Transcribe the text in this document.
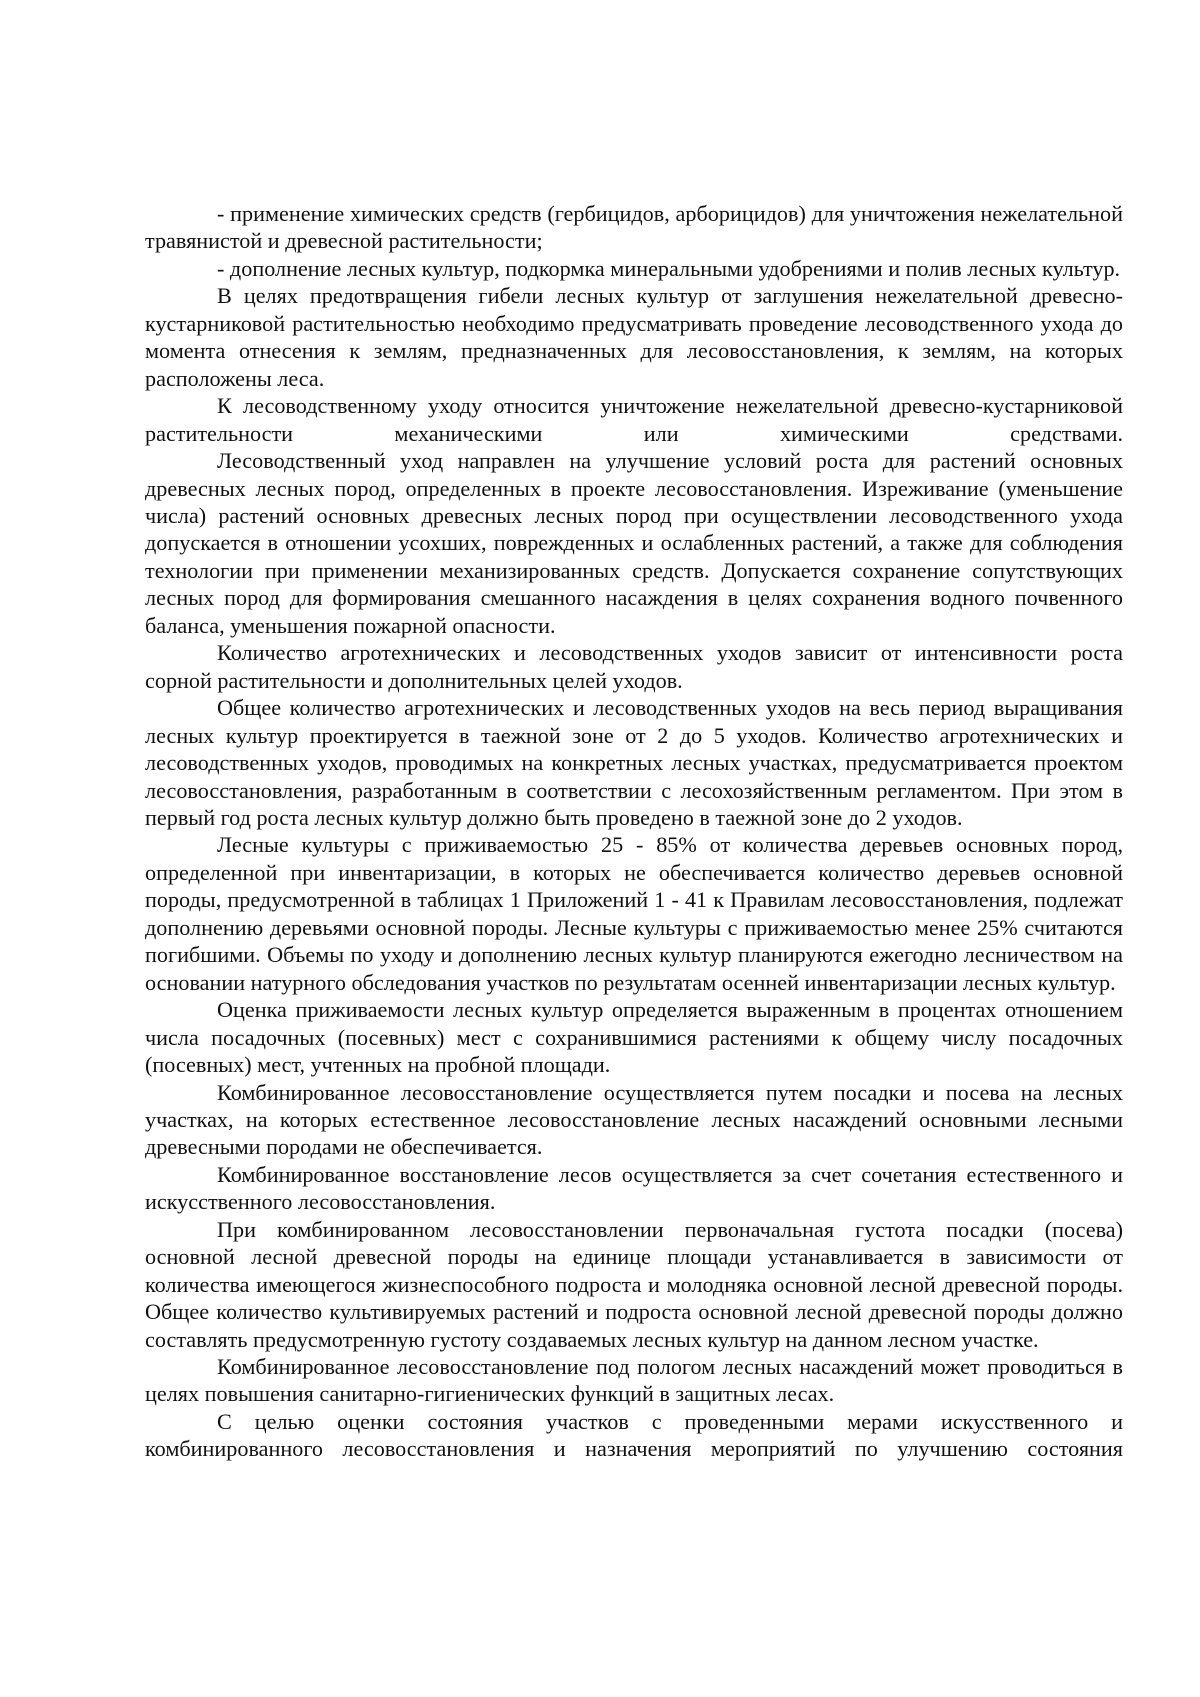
- применение химических средств (гербицидов, арборицидов) для уничтожения нежелательной травянистой и древесной растительности;

- дополнение лесных культур, подкормка минеральными удобрениями и полив лесных культур.

В целях предотвращения гибели лесных культур от заглушения нежелательной древесно-кустарниковой растительностью необходимо предусматривать проведение лесоводственного ухода до момента отнесения к землям, предназначенных для лесовосстановления, к землям, на которых расположены леса.

К лесоводственному уходу относится уничтожение нежелательной древесно-кустарниковой растительности механическими или химическими средствами.

Лесоводственный уход направлен на улучшение условий роста для растений основных древесных лесных пород, определенных в проекте лесовосстановления. Изреживание (уменьшение числа) растений основных древесных лесных пород при осуществлении лесоводственного ухода допускается в отношении усохших, поврежденных и ослабленных растений, а также для соблюдения технологии при применении механизированных средств. Допускается сохранение сопутствующих лесных пород для формирования смешанного насаждения в целях сохранения водного почвенного баланса, уменьшения пожарной опасности.

Количество агротехнических и лесоводственных уходов зависит от интенсивности роста сорной растительности и дополнительных целей уходов.

Общее количество агротехнических и лесоводственных уходов на весь период выращивания лесных культур проектируется в таежной зоне от 2 до 5 уходов. Количество агротехнических и лесоводственных уходов, проводимых на конкретных лесных участках, предусматривается проектом лесовосстановления, разработанным в соответствии с лесохозяйственным регламентом. При этом в первый год роста лесных культур должно быть проведено в таежной зоне до 2 уходов.

Лесные культуры с приживаемостью 25 - 85% от количества деревьев основных пород, определенной при инвентаризации, в которых не обеспечивается количество деревьев основной породы, предусмотренной в таблицах 1 Приложений 1 - 41 к Правилам лесовосстановления, подлежат дополнению деревьями основной породы. Лесные культуры с приживаемостью менее 25% считаются погибшими. Объемы по уходу и дополнению лесных культур планируются ежегодно лесничеством на основании натурного обследования участков по результатам осенней инвентаризации лесных культур.

Оценка приживаемости лесных культур определяется выраженным в процентах отношением числа посадочных (посевных) мест с сохранившимися растениями к общему числу посадочных (посевных) мест, учтенных на пробной площади.

Комбинированное лесовосстановление осуществляется путем посадки и посева на лесных участках, на которых естественное лесовосстановление лесных насаждений основными лесными древесными породами не обеспечивается.

Комбинированное восстановление лесов осуществляется за счет сочетания естественного и искусственного лесовосстановления.

При комбинированном лесовосстановлении первоначальная густота посадки (посева) основной лесной древесной породы на единице площади устанавливается в зависимости от количества имеющегося жизнеспособного подроста и молодняка основной лесной древесной породы. Общее количество культивируемых растений и подроста основной лесной древесной породы должно составлять предусмотренную густоту создаваемых лесных культур на данном лесном участке.

Комбинированное лесовосстановление под пологом лесных насаждений может проводиться в целях повышения санитарно-гигиенических функций в защитных лесах.

С целью оценки состояния участков с проведенными мерами искусственного и комбинированного лесовосстановления и назначения мероприятий по улучшению состояния
